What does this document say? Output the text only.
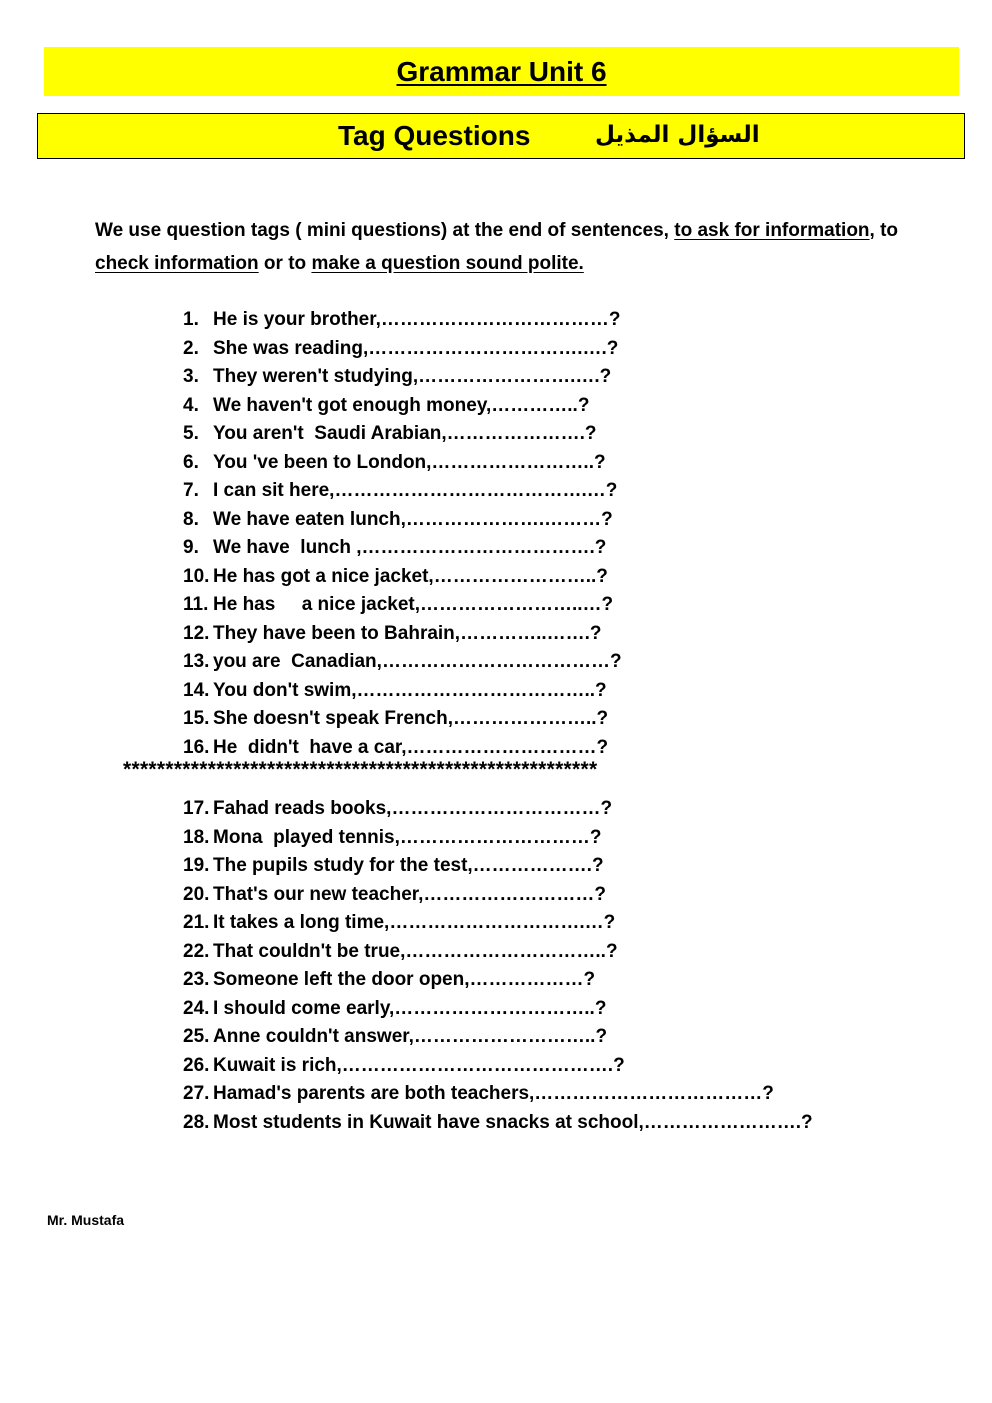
Grammar Unit 6
Tag Questions	السؤال المذيل

We use question tags ( mini questions) at the end of sentences, to ask for information, to check information or to make a question sound polite.

1. He is your brother,………………………………?
2. She was reading,…………………………….….?
3. They weren't studying,…………………….….?
4. We haven't got enough money,…………..?
5. You aren't  Saudi Arabian,………………….?
6. You 've been to London,……………………..?
7. I can sit here,………………………………….…?
8. We have eaten lunch,………………….………?
9. We have  lunch ,……………………………….?
10. He has got a nice jacket,……………………..?
11. He has     a nice jacket,……………………..…?
12. They have been to Bahrain,…………..…….?
13. you are  Canadian,………………………………?
14. You don't swim,………………………………..?
15. She doesn't speak French,…………………..?
16. He  didn't  have a car,…………………………?
********************************************************
17. Fahad reads books,……………………………?
18. Mona  played tennis,…………………………?
19. The pupils study for the test,……………….?
20. That's our new teacher,………………………?
21. It takes a long time,………………………….…?
22. That couldn't be true,…………………………..?
23. Someone left the door open,………………?
24. I should come early,…………………………..?
25. Anne couldn't answer,………………………..?
26. Kuwait is rich,…………………………………….?
27. Hamad's parents are both teachers,………………………………?
28. Most students in Kuwait have snacks at school,…………………….?
Mr. Mustafa
